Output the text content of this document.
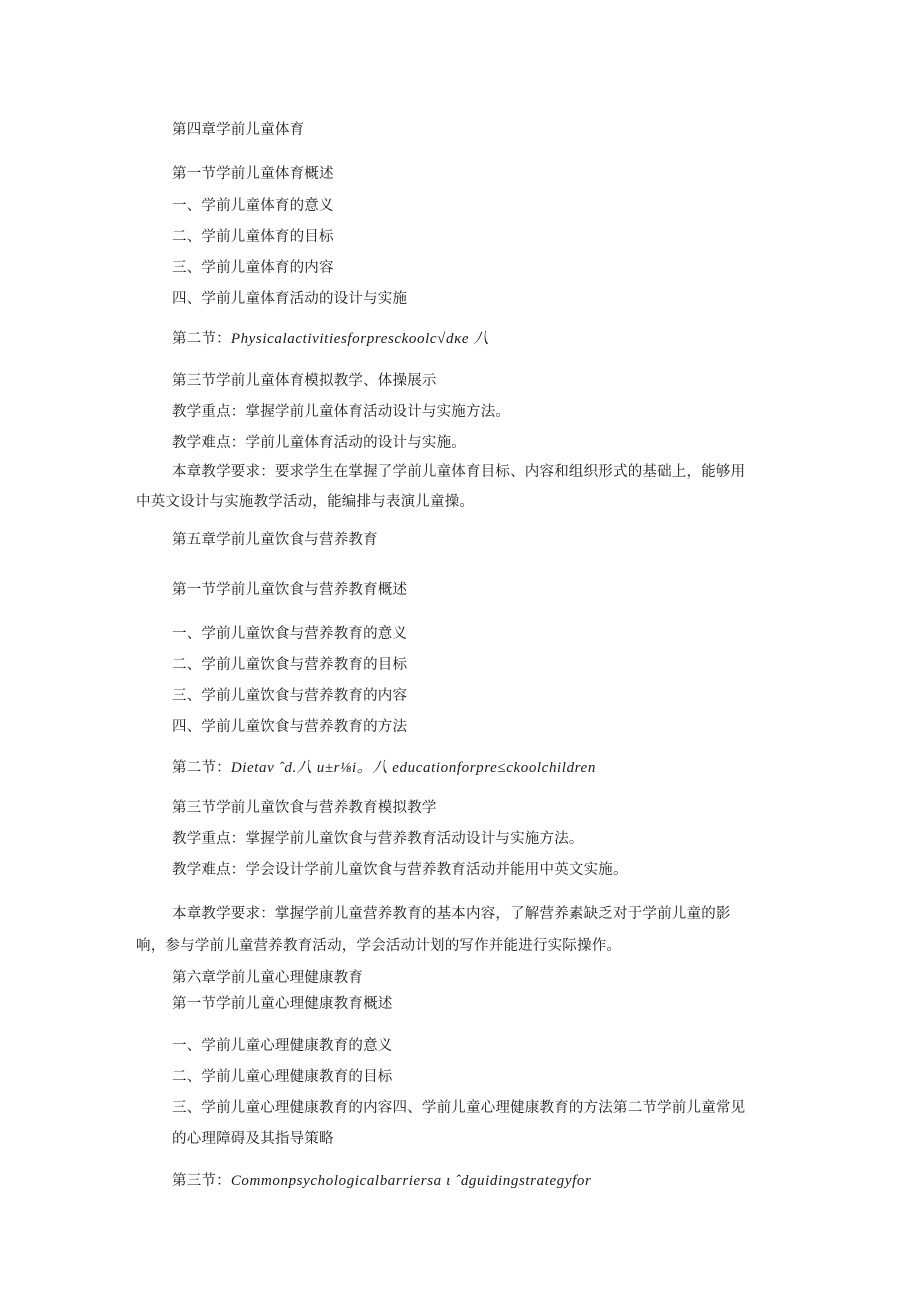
第四章学前儿童体育
第一节学前儿童体育概述
一、学前儿童体育的意义
二、学前儿童体育的目标
三、学前儿童体育的内容
四、学前儿童体育活动的设计与实施
第二节：Physicalactivitiesforpresckoolc√dκe 八
第三节学前儿童体育模拟教学、体操展示
教学重点：掌握学前儿童体育活动设计与实施方法。
教学难点：学前儿童体育活动的设计与实施。
本章教学要求：要求学生在掌握了学前儿童体育目标、内容和组织形式的基础上，能够用
中英文设计与实施教学活动，能编排与表演儿童操。
第五章学前儿童饮食与营养教育
第一节学前儿童饮食与营养教育概述
一、学前儿童饮食与营养教育的意义
二、学前儿童饮食与营养教育的目标
三、学前儿童饮食与营养教育的内容
四、学前儿童饮食与营养教育的方法
第二节：Dietav ˆd.八 u±r⅛i。八 educationforpre≤ckoolchildren
第三节学前儿童饮食与营养教育模拟教学
教学重点：掌握学前儿童饮食与营养教育活动设计与实施方法。
教学难点：学会设计学前儿童饮食与营养教育活动并能用中英文实施。
本章教学要求：掌握学前儿童营养教育的基本内容，了解营养素缺乏对于学前儿童的影
响，参与学前儿童营养教育活动，学会活动计划的写作并能进行实际操作。
第六章学前儿童心理健康教育
第一节学前儿童心理健康教育概述
一、学前儿童心理健康教育的意义
二、学前儿童心理健康教育的目标
三、学前儿童心理健康教育的内容四、学前儿童心理健康教育的方法第二节学前儿童常见
的心理障碍及其指导策略
第三节：Commonpsychologicalbarriersa ι ˆdguidingstrategyfor
